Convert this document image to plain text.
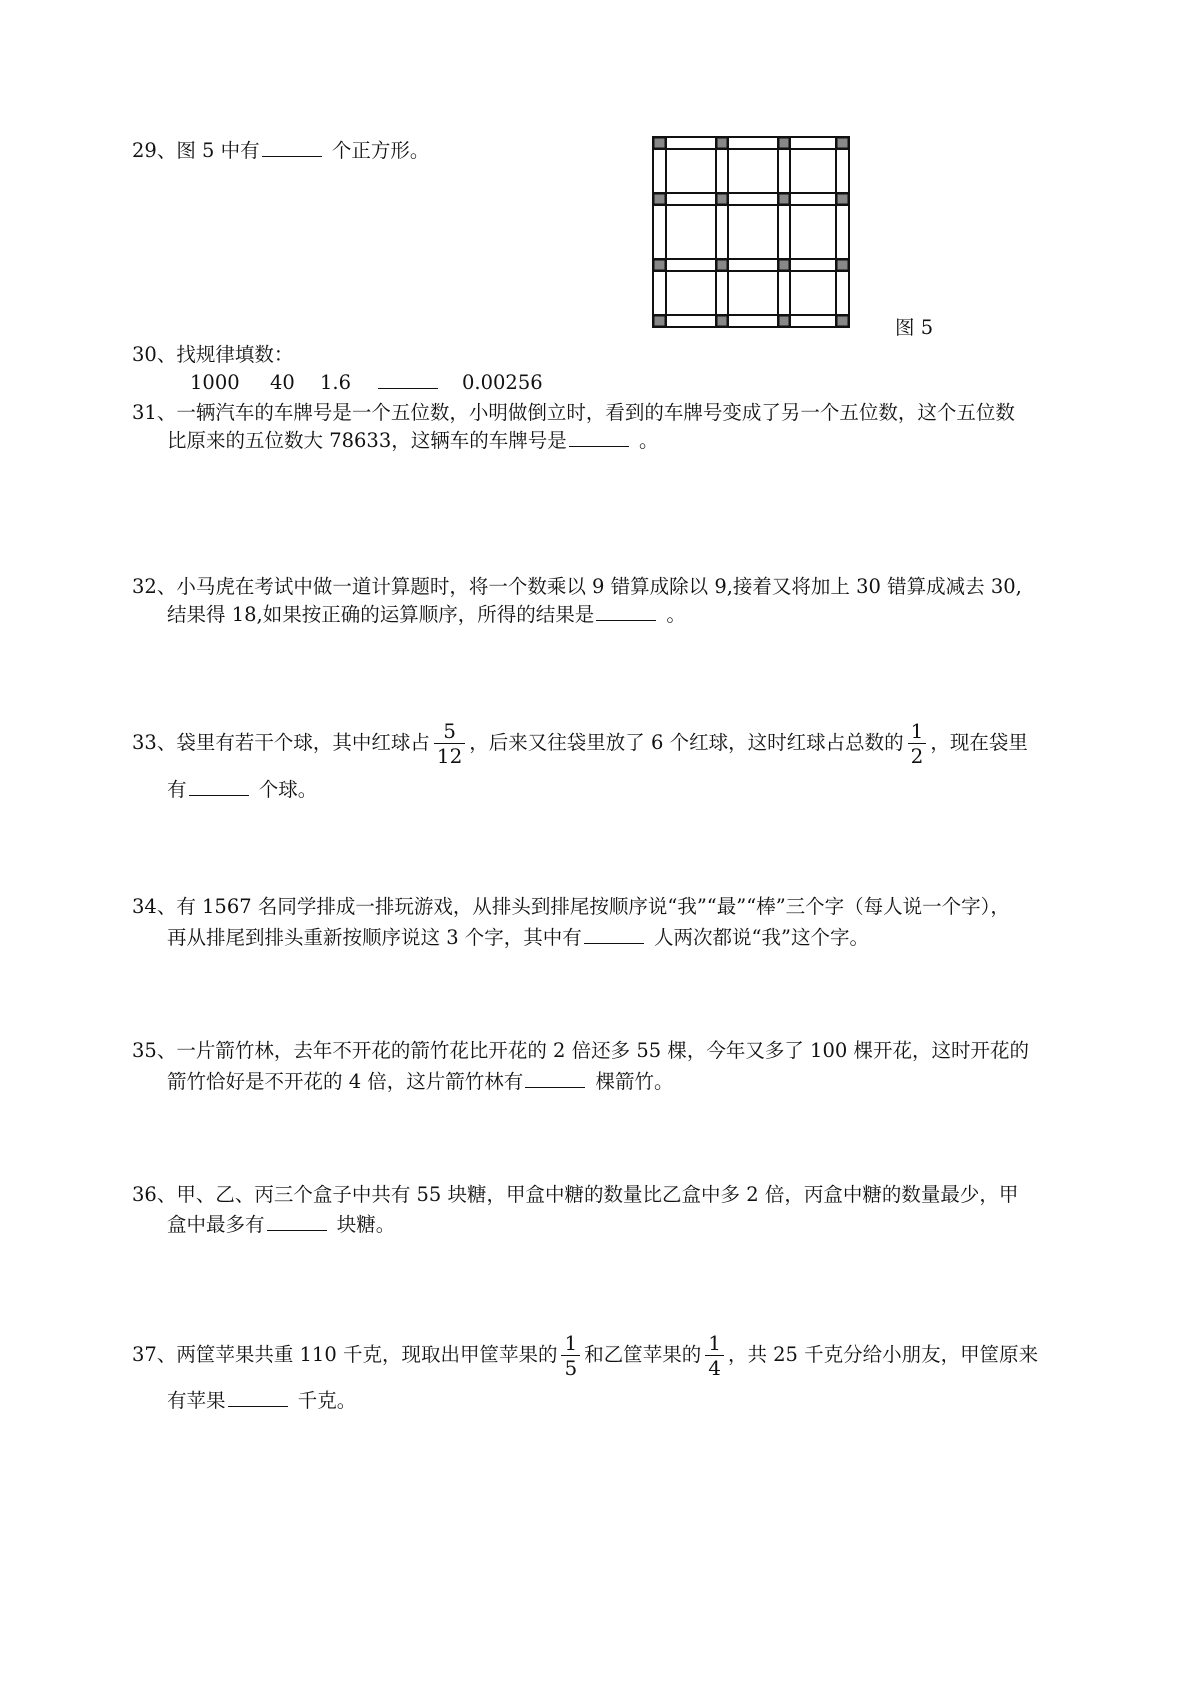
29、图 5 中有	个正方形。
图 5
30、找规律填数：
1000 40 1.6	0.00256
31、一辆汽车的车牌号是一个五位数，小明做倒立时，看到的车牌号变成了另一个五位数，这个五位数
比原来的五位数大 78633，这辆车的车牌号是	。
32、小马虎在考试中做一道计算题时，将一个数乘以 9 错算成除以 9,接着又将加上 30 错算成减去 30,
结果得 18,如果按正确的运算顺序，所得的结果是	。
33、袋里有若干个球，其中红球占 $\frac{5}{12}$ ，后来又往袋里放了 6 个红球，这时红球占总数的 $\frac{1}{2}$ ，现在袋里
有	个球。
34、有 1567 名同学排成一排玩游戏，从排头到排尾按顺序说“我”“最”“棒”三个字（每人说一个字），
再从排尾到排头重新按顺序说这 3 个字，其中有	人两次都说“我”这个字。
35、一片箭竹林，去年不开花的箭竹花比开花的 2 倍还多 55 棵，今年又多了 100 棵开花，这时开花的
箭竹恰好是不开花的 4 倍，这片箭竹林有	棵箭竹。
36、甲、乙、丙三个盒子中共有 55 块糖，甲盒中糖的数量比乙盒中多 2 倍，丙盒中糖的数量最少，甲
盒中最多有	块糖。
37、两筐苹果共重 110 千克，现取出甲筐苹果的 $\frac{1}{5}$ 和乙筐苹果的 $\frac{1}{4}$ ，共 25 千克分给小朋友，甲筐原来
有苹果	千克。
